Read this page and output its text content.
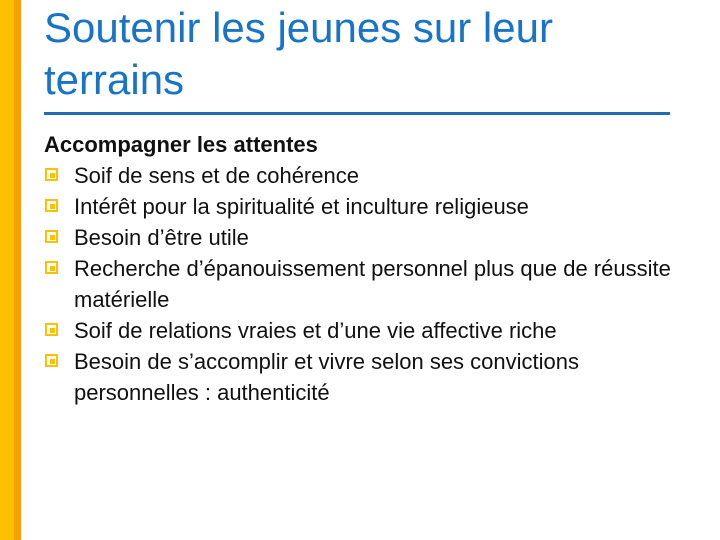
Soutenir les jeunes sur leur terrains
Accompagner les attentes
Soif de sens et de cohérence
Intérêt pour la spiritualité et inculture religieuse
Besoin d’être utile
Recherche d’épanouissement personnel plus que de réussite matérielle
Soif de relations vraies et d’une vie affective riche
Besoin de s’accomplir et vivre selon ses convictions personnelles : authenticité
